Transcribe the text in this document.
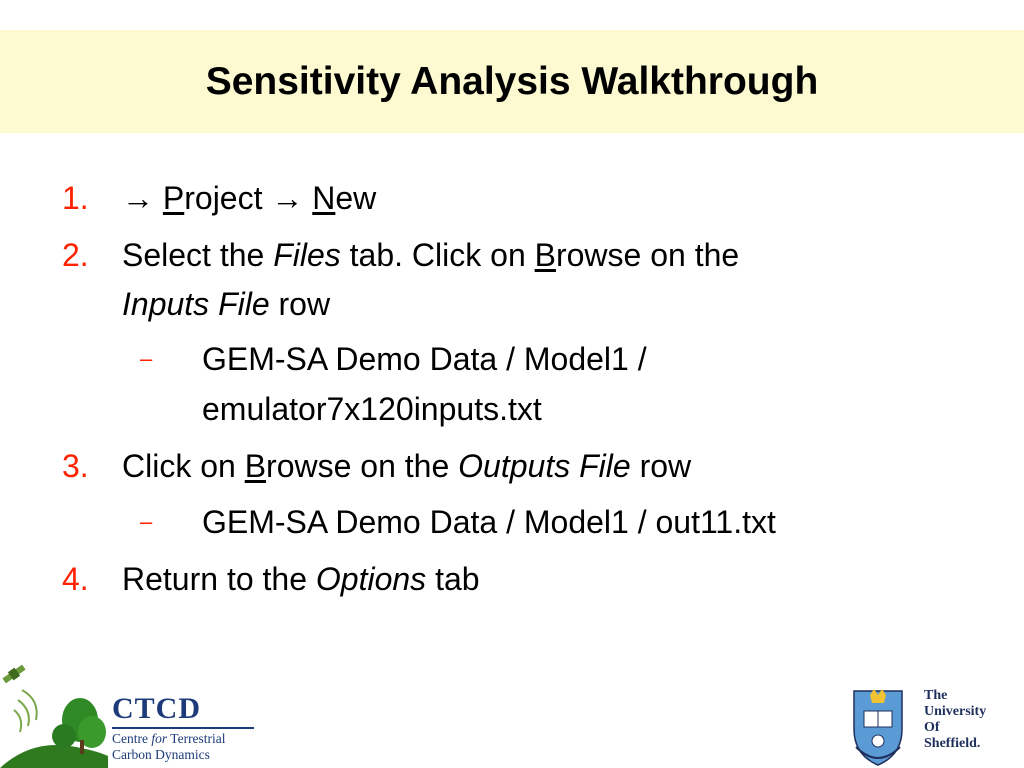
Sensitivity Analysis Walkthrough
1. → Project → New
2. Select the Files tab. Click on Browse on the
Inputs File row
– GEM-SA Demo Data / Model1 /
emulator7x120inputs.txt
3. Click on Browse on the Outputs File row
– GEM-SA Demo Data / Model1 / out11.txt
4. Return to the Options tab
CTCD
Centre for Terrestrial
Carbon Dynamics
The
University
Of
Sheffield.
